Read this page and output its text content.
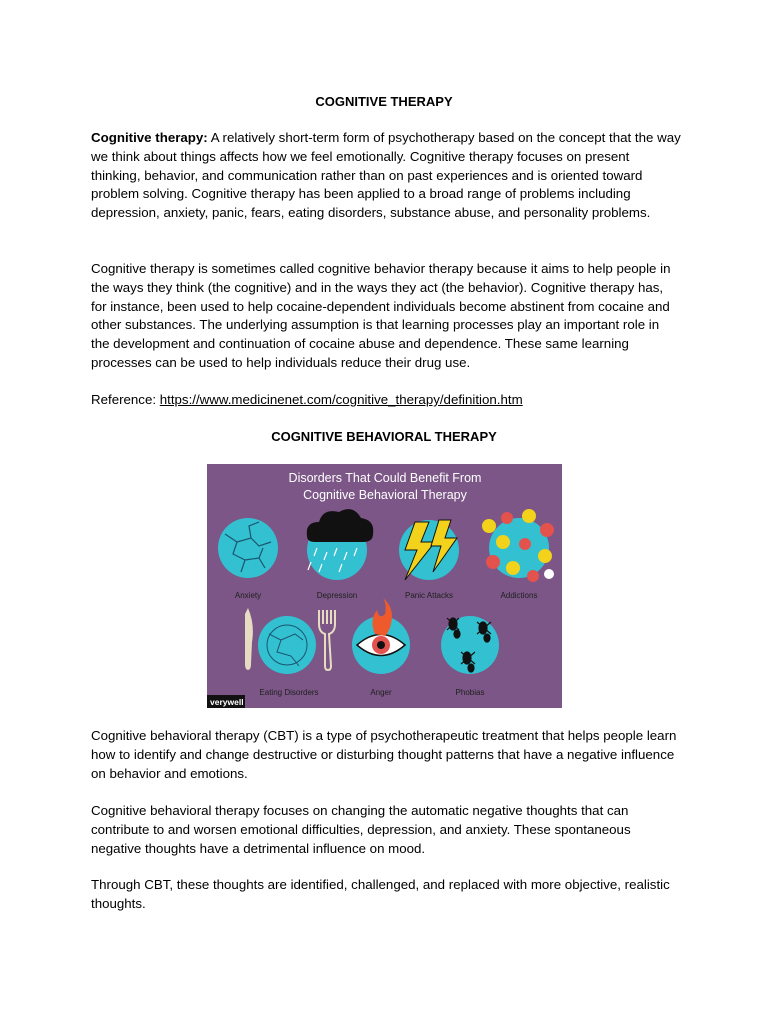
COGNITIVE THERAPY

Cognitive therapy: A relatively short-term form of psychotherapy based on the concept that the way we think about things affects how we feel emotionally. Cognitive therapy focuses on present thinking, behavior, and communication rather than on past experiences and is oriented toward problem solving. Cognitive therapy has been applied to a broad range of problems including depression, anxiety, panic, fears, eating disorders, substance abuse, and personality problems.

Cognitive therapy is sometimes called cognitive behavior therapy because it aims to help people in the ways they think (the cognitive) and in the ways they act (the behavior). Cognitive therapy has, for instance, been used to help cocaine-dependent individuals become abstinent from cocaine and other substances. The underlying assumption is that learning processes play an important role in the development and continuation of cocaine abuse and dependence. These same learning processes can be used to help individuals reduce their drug use.

Reference: https://www.medicinenet.com/cognitive_therapy/definition.htm

COGNITIVE BEHAVIORAL THERAPY
Disorders That Could Benefit From
Cognitive Behavioral Therapy
Anxiety	Depression	Panic Attacks	Addictions
Eating Disorders	Anger	Phobias
verywell

Cognitive behavioral therapy (CBT) is a type of psychotherapeutic treatment that helps people learn how to identify and change destructive or disturbing thought patterns that have a negative influence on behavior and emotions.

Cognitive behavioral therapy focuses on changing the automatic negative thoughts that can contribute to and worsen emotional difficulties, depression, and anxiety. These spontaneous negative thoughts have a detrimental influence on mood.

Through CBT, these thoughts are identified, challenged, and replaced with more objective, realistic thoughts.
